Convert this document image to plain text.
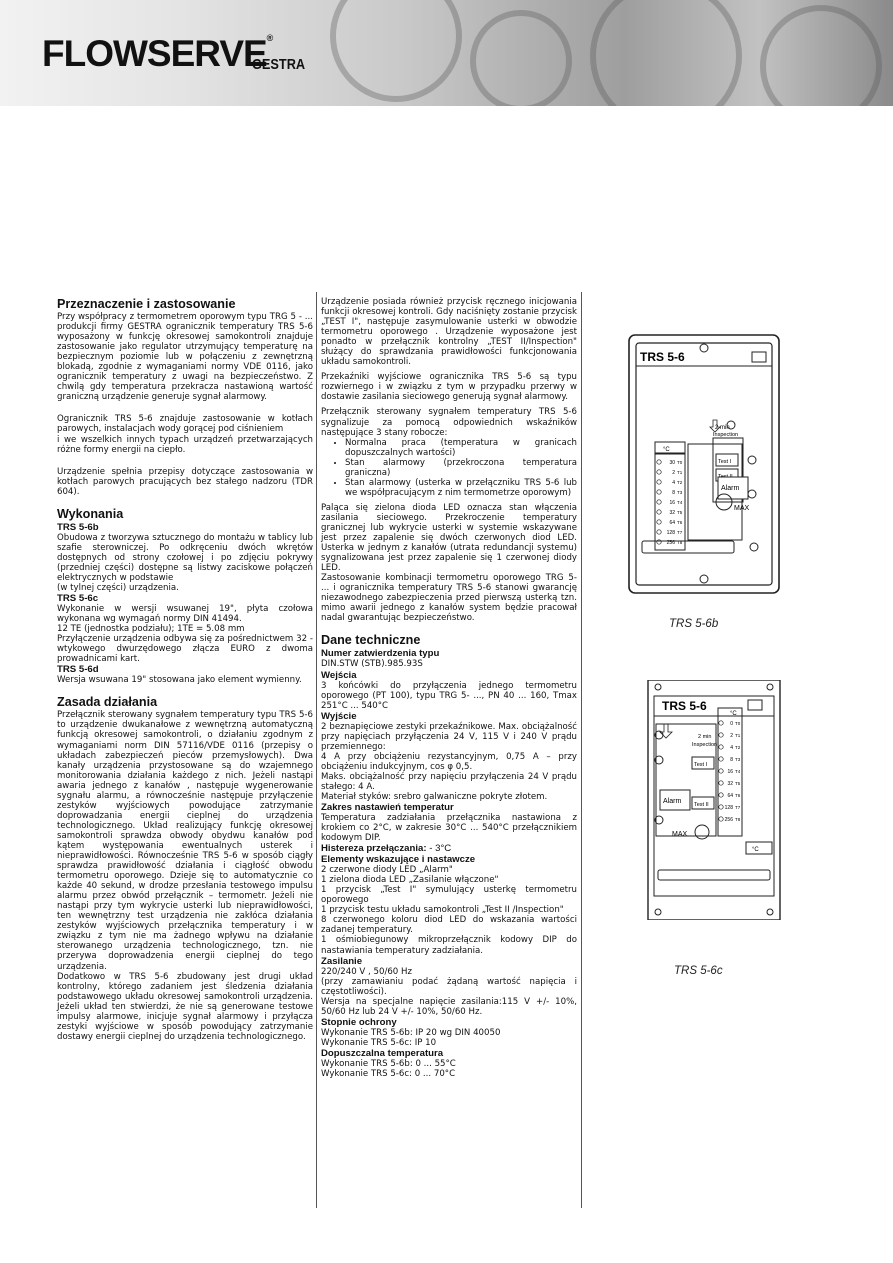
FLOWSERVE®
GESTRA
Przeznaczenie i zastosowanie

Przy współpracy z termometrem oporowym typu TRG 5 - ... produkcji firmy GESTRA ogranicznik temperatury TRS 5-6 wyposażony w funkcję okresowej samokontroli znajduje zastosowanie jako regulator utrzymujący temperaturę na bezpiecznym poziomie lub w połączeniu z zewnętrzną blokadą, zgodnie z wymaganiami normy VDE 0116, jako ogranicznik temperatury z uwagi na bezpieczeństwo. Z chwilą gdy temperatura przekracza nastawioną wartość graniczną urządzenie generuje sygnał alarmowy.

Ogranicznik TRS 5-6 znajduje zastosowanie w kotłach parowych, instalacjach wody gorącej pod ciśnieniem
i we wszelkich innych typach urządzeń przetwarzających różne formy energii na ciepło.

Urządzenie spełnia przepisy dotyczące zastosowania w kotłach parowych pracujących bez stałego nadzoru (TDR 604).

Wykonania
TRS 5-6b

Obudowa z tworzywa sztucznego do montażu w tablicy lub szafie sterowniczej. Po odkręceniu dwóch wkrętów dostępnych od strony czołowej i po zdjęciu pokrywy (przedniej części) dostępne są listwy zaciskowe połączeń elektrycznych w podstawie
(w tylnej części) urządzenia.

TRS 5-6c

Wykonanie w wersji wsuwanej 19", płyta czołowa wykonana wg wymagań normy DIN 41494.
12 TE (jednostka podziału); 1TE = 5.08 mm
Przyłączenie urządzenia odbywa się za pośrednictwem 32 -wtykowego dwurzędowego złącza EURO z dwoma prowadnicami kart.

TRS 5-6d

Wersja wsuwana 19" stosowana jako element wymienny.

Zasada działania

Przełącznik sterowany sygnałem temperatury typu TRS 5-6 to urządzenie dwukanałowe z wewnętrzną automatyczną funkcją okresowej samokontroli, o działaniu zgodnym z wymaganiami norm DIN 57116/VDE 0116 (przepisy o układach zabezpieczeń pieców przemysłowych). Dwa kanały urządzenia przystosowane są do wzajemnego monitorowania działania każdego z nich. Jeżeli nastąpi awaria jednego z kanałów , następuje wygenerowanie sygnału alarmu, a równocześnie następuje przyłączenie zestyków wyjściowych powodujące zatrzymanie doprowadzania energii cieplnej do urządzenia technologicznego. Układ realizujący funkcję okresowej samokontroli sprawdza obwody obydwu kanałów pod kątem występowania ewentualnych usterek i nieprawidłowości. Równocześnie TRS 5-6 w sposób ciągły sprawdza prawidłowość działania i ciągłość obwodu termometru oporowego. Dzieje się to automatycznie co każde 40 sekund, w drodze przesłania testowego impulsu alarmu przez obwód przełącznik – termometr. Jeżeli nie nastąpi przy tym wykrycie usterki lub nieprawidłowości, ten wewnętrzny test urządzenia nie zakłóca działania zestyków wyjściowych przełącznika temperatury i w związku z tym nie ma żadnego wpływu na działanie sterowanego urządzenia technologicznego, tzn. nie przerywa doprowadzenia energii cieplnej do tego urządzenia.

Dodatkowo w TRS 5-6 zbudowany jest drugi układ kontrolny, którego zadaniem jest śledzenia działania podstawowego układu okresowej samokontroli urządzenia. Jeżeli układ ten stwierdzi, że nie są generowane testowe impulsy alarmowe, inicjuje sygnał alarmowy i przyłącza zestyki wyjściowe w sposób powodujący zatrzymanie dostawy energii cieplnej do urządzenia technologicznego.

Urządzenie posiada również przycisk ręcznego inicjowania funkcji okresowej kontroli. Gdy naciśnięty zostanie przycisk „TEST I", następuje zasymulowanie usterki w obwodzie termometru oporowego . Urządzenie wyposażone jest ponadto w przełącznik kontrolny „TEST II/Inspection" służący do sprawdzania prawidłowości funkcjonowania układu samokontroli.

Przekaźniki wyjściowe ogranicznika TRS 5-6 są typu rozwiernego i w związku z tym w przypadku przerwy w dostawie zasilania sieciowego generują sygnał alarmowy.

Przełącznik sterowany sygnałem temperatury TRS 5-6 sygnalizuje za pomocą odpowiednich wskaźników następujące 3 stany robocze:

• Normalna praca (temperatura w granicach dopuszczalnych wartości)
• Stan alarmowy (przekroczona temperatura graniczna)
• Stan alarmowy (usterka w przełączniku TRS 5-6 lub we współpracującym z nim termometrze oporowym)

Paląca się zielona dioda LED oznacza stan włączenia zasilania sieciowego. Przekroczenie temperatury granicznej lub wykrycie usterki w systemie wskazywane jest przez zapalenie się dwóch czerwonych diod LED. Usterka w jednym z kanałów (utrata redundancji systemu) sygnalizowana jest przez zapalenie się 1 czerwonej diody LED.
Zastosowanie kombinacji termometru oporowego TRG 5- ... i ogranicznika temperatury TRS 5-6 stanowi gwarancję niezawodnego zabezpieczenia przed pierwszą usterką tzn. mimo awarii jednego z kanałów system będzie pracował nadal gwarantując bezpieczeństwo.

Dane techniczne
Numer zatwierdzenia typu

DIN.STW (STB).985.93S

Wejścia

3 końcówki do przyłączenia jednego termometru oporowego (PT 100), typu TRG 5- ..., PN 40 ... 160, Tmax 251°C ... 540°C

Wyjście

2 beznapięciowe zestyki przekaźnikowe. Max. obciążalność przy napięciach przyłączenia 24 V, 115 V i 240 V prądu przemiennego:
4 A przy obciążeniu rezystancyjnym, 0,75 A – przy obciążeniu indukcyjnym, cos φ 0,5.
Maks. obciążalność przy napięciu przyłączenia 24 V prądu stałego: 4 A.
Materiał styków: srebro galwaniczne pokryte złotem.

Zakres nastawień temperatur

Temperatura zadziałania przełącznika nastawiona z krokiem co 2°C, w zakresie 30°C ... 540°C przełącznikiem kodowym DIP.

Histereza przełączania: - 3°C
Elementy wskazujące i nastawcze

2 czerwone diody LED „Alarm"
1 zielona dioda LED „Zasilanie włączone"
1 przycisk „Test I" symulujący usterkę termometru oporowego
1 przycisk testu układu samokontroli „Test II /Inspection"
8 czerwonego koloru diod LED do wskazania wartości zadanej temperatury.
1 ośmiobiegunowy mikroprzełącznik kodowy DIP do nastawiania temperatury zadziałania.

Zasilanie

220/240 V , 50/60 Hz
(przy zamawianiu podać żądaną wartość napięcia i częstotliwości).
Wersja na specjalne napięcie zasilania:115 V +/- 10%, 50/60 Hz lub 24 V +/- 10%, 50/60 Hz.

Stopnie ochrony

Wykonanie TRS 5-6b: IP 20 wg DIN 40050
Wykonanie TRS 5-6c: IP 10

Dopuszczalna temperatura

Wykonanie TRS 5-6b: 0 ... 55°C
Wykonanie TRS 5-6c: 0 ... 70°C

TRS 5-6
°C
30 T0
2 T1
4 T2
8 T3
16 T4
32 T5
64 T6
128 T7
256 T8
2 min
Inspection
Test I
Alarm
MAX
TRS 5-6b
TRS 5-6
2 min
Inspection
Test I
Test II
Alarm
MAX
0 T0
2 T1
4 T2
8 T3
16 T4
32 T5
64 T6
128 T7
256 T8
°C
°C
TRS 5-6c
